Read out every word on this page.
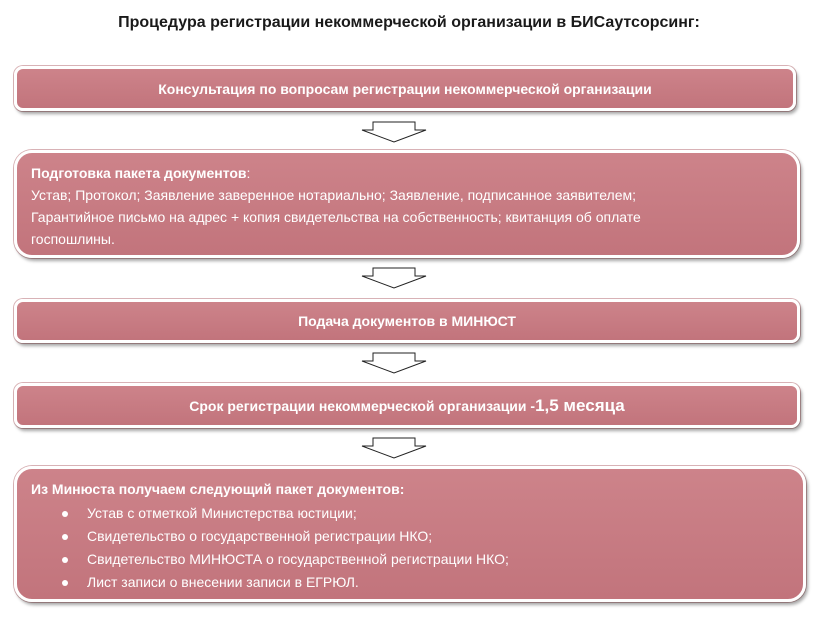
Процедура регистрации некоммерческой организации в БИСаутсорсинг:
Консультация по вопросам регистрации некоммерческой организации
Подготовка пакета документов:
Устав; Протокол; Заявление заверенное нотариально; Заявление, подписанное заявителем;
Гарантийное письмо на адрес + копия свидетельства на собственность; квитанция об оплате
госпошлины.
Подача документов в МИНЮСТ
Срок регистрации некоммерческой организации -1,5 месяца
Из Минюста получаем следующий пакет документов:
Устав с отметкой Министерства юстиции;
Свидетельство о государственной регистрации НКО;
Свидетельство МИНЮСТА о государственной регистрации НКО;
Лист записи о внесении записи в ЕГРЮЛ.
